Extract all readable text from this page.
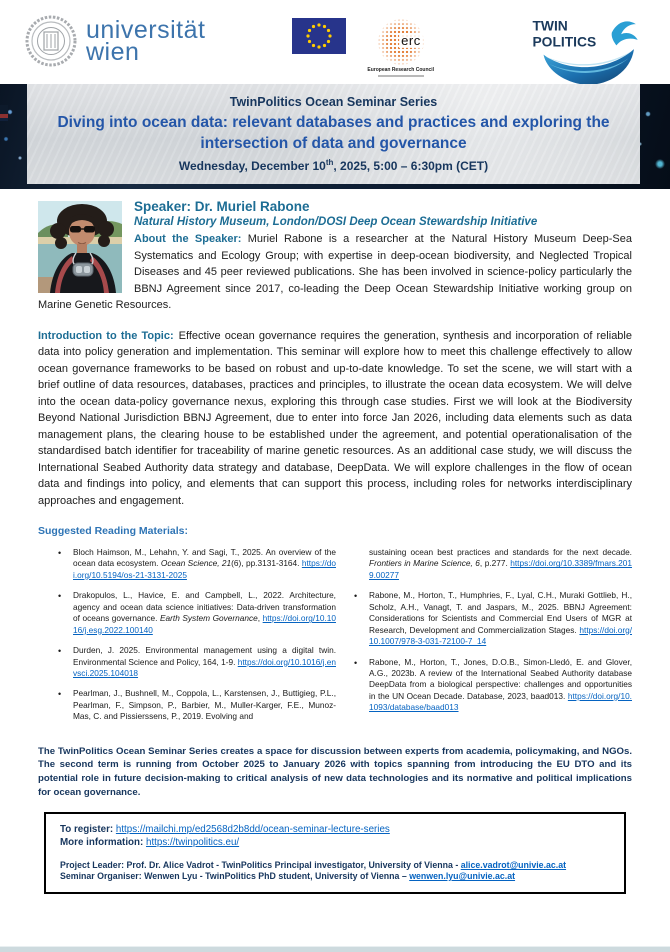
universität
wien	erc
European Research Council
TWIN
POLITICS
TwinPolitics Ocean Seminar Series
Diving into ocean data: relevant databases and practices and exploring the intersection of data and governance
Wednesday, December 10th, 2025, 5:00 – 6:30pm (CET)
Speaker: Dr. Muriel Rabone
Natural History Museum, London/DOSI Deep Ocean Stewardship Initiative

About the Speaker: Muriel Rabone is a researcher at the Natural History Museum Deep-Sea Systematics and Ecology Group; with expertise in deep-ocean biodiversity, and Neglected Tropical Diseases and 45 peer reviewed publications. She has been involved in science-policy particularly the BBNJ Agreement since 2017, co-leading the Deep Ocean Stewardship Initiative working group on Marine Genetic Resources.

Introduction to the Topic: Effective ocean governance requires the generation, synthesis and incorporation of reliable data into policy generation and implementation. This seminar will explore how to meet this challenge effectively to allow ocean governance frameworks to be based on robust and up-to-date knowledge. To set the scene, we will start with a brief outline of data resources, databases, practices and principles, to illustrate the ocean data ecosystem. We will delve into the ocean data-policy governance nexus, exploring this through case studies. First we will look at the Biodiversity Beyond National Jurisdiction BBNJ Agreement, due to enter into force Jan 2026, including data elements such as data management plans, the clearing house to be established under the agreement, and potential operationalisation of the standardised batch identifier for traceability of marine genetic resources. As an additional case study, we will discuss the International Seabed Authority data strategy and database, DeepData. We will explore challenges in the flow of ocean data and findings into policy, and elements that can support this process, including roles for networks interdisciplinary approaches and engagement.

Suggested Reading Materials:
• Bloch Haimson, M., Lehahn, Y. and Sagi, T., 2025. An overview of the ocean data ecosystem. Ocean Science, 21(6), pp.3131-3164. https://doi.org/10.5194/os-21-3131-2025
• Drakopulos, L., Havice, E. and Campbell, L., 2022. Architecture, agency and ocean data science initiatives: Data-driven transformation of oceans governance. Earth System Governance, https://doi.org/10.1016/j.esg.2022.100140
• Durden, J. 2025. Environmental management using a digital twin. Environmental Science and Policy, 164, 1-9. https://doi.org/10.1016/j.envsci.2025.104018
• Pearlman, J., Bushnell, M., Coppola, L., Karstensen, J., Buttigieg, P.L., Pearlman, F., Simpson, P., Barbier, M., Muller-Karger, F.E., Munoz-Mas, C. and Pissierssens, P., 2019. Evolving and
sustaining ocean best practices and standards for the next decade. Frontiers in Marine Science, 6, p.277. https://doi.org/10.3389/fmars.2019.00277
• Rabone, M., Horton, T., Humphries, F., Lyal, C.H., Muraki Gottlieb, H., Scholz, A.H., Vanagt, T. and Jaspars, M., 2025. BBNJ Agreement: Considerations for Scientists and Commercial End Users of MGR at Research, Development and Commercialization Stages. https://doi.org/10.1007/978-3-031-72100-7_14
• Rabone, M., Horton, T., Jones, D.O.B., Simon-Lledó, E. and Glover, A.G., 2023b. A review of the International Seabed Authority database DeepData from a biological perspective: challenges and opportunities in the UN Ocean Decade. Database, 2023, baad013. https://doi.org/10.1093/database/baad013

The TwinPolitics Ocean Seminar Series creates a space for discussion between experts from academia, policymaking, and NGOs. The second term is running from October 2025 to January 2026 with topics spanning from introducing the EU DTO and its potential role in future decision-making to critical analysis of new data technologies and its normative and political implications for ocean governance.

To register: https://mailchi.mp/ed2568d2b8dd/ocean-seminar-lecture-series
More information: https://twinpolitics.eu/
Project Leader: Prof. Dr. Alice Vadrot - TwinPolitics Principal investigator, University of Vienna - alice.vadrot@univie.ac.at
Seminar Organiser: Wenwen Lyu - TwinPolitics PhD student, University of Vienna – wenwen.lyu@univie.ac.at
